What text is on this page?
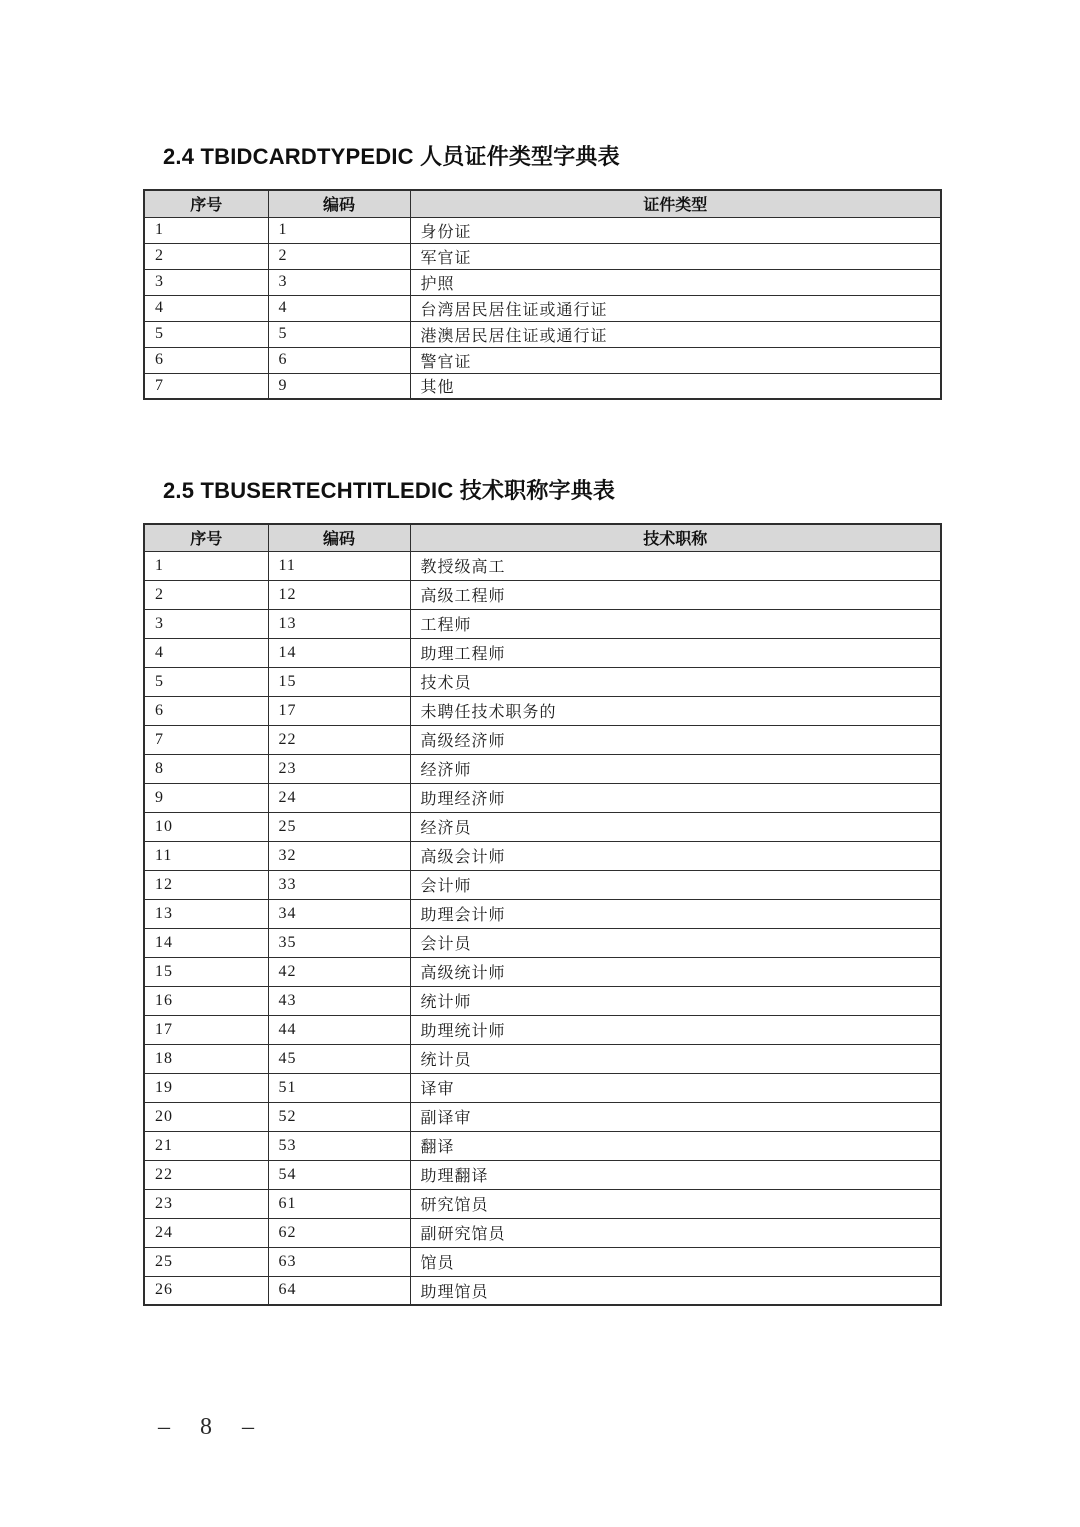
2.4 TBIDCARDTYPEDIC 人员证件类型字典表
序号	编码	证件类型
1	1	身份证
2	2	军官证
3	3	护照
4	4	台湾居民居住证或通行证
5	5	港澳居民居住证或通行证
6	6	警官证
7	9	其他
2.5 TBUSERTECHTITLEDIC 技术职称字典表
序号	编码	技术职称
1	11	教授级高工
2	12	高级工程师
3	13	工程师
4	14	助理工程师
5	15	技术员
6	17	未聘任技术职务的
7	22	高级经济师
8	23	经济师
9	24	助理经济师
10	25	经济员
11	32	高级会计师
12	33	会计师
13	34	助理会计师
14	35	会计员
15	42	高级统计师
16	43	统计师
17	44	助理统计师
18	45	统计员
19	51	译审
20	52	副译审
21	53	翻译
22	54	助理翻译
23	61	研究馆员
24	62	副研究馆员
25	63	馆员
26	64	助理馆员
– 8 –
